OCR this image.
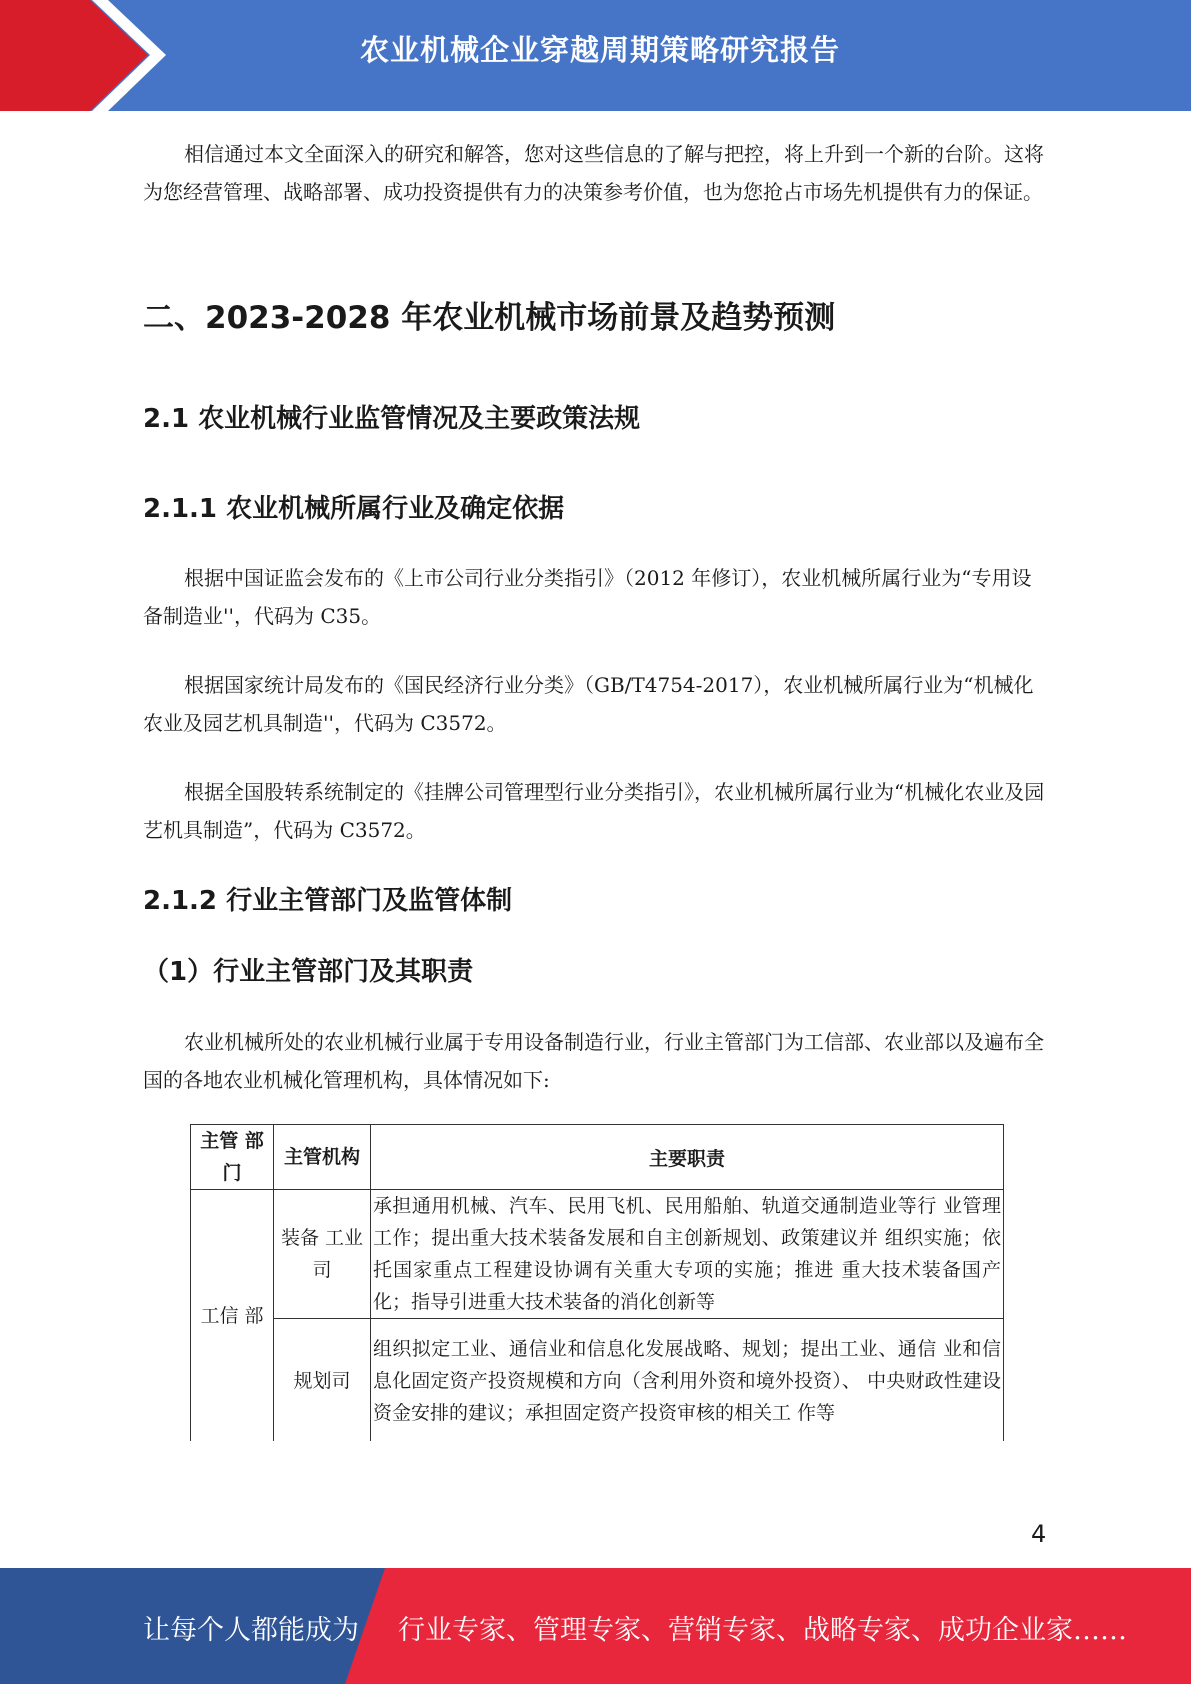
农业机械企业穿越周期策略研究报告

相信通过本文全面深入的研究和解答，您对这些信息的了解与把控，将上升到一个新的台阶。这将为您经营管理、战略部署、成功投资提供有力的决策参考价值，也为您抢占市场先机提供有力的保证。

二、2023-2028 年农业机械市场前景及趋势预测
2.1 农业机械行业监管情况及主要政策法规
2.1.1 农业机械所属行业及确定依据

根据中国证监会发布的《上市公司行业分类指引》（2012 年修订），农业机械所属行业为“专用设备制造业''，代码为 C35。

根据国家统计局发布的《国民经济行业分类》（GB/T4754-2017），农业机械所属行业为“机械化农业及园艺机具制造''，代码为 C3572。

根据全国股转系统制定的《挂牌公司管理型行业分类指引》，农业机械所属行业为“机械化农业及园艺机具制造”，代码为 C3572。

2.1.2 行业主管部门及监管体制
（1）行业主管部门及其职责

农业机械所处的农业机械行业属于专用设备制造行业，行业主管部门为工信部、农业部以及遍布全国的各地农业机械化管理机构，具体情况如下:

主管 部门	主管机构	主要职责
工信 部	装备 工业司	承担通用机械、汽车、民用飞机、民用船舶、轨道交通制造业等行 业管理工作；提出重大技术装备发展和自主创新规划、政策建议并 组织实施；依托国家重点工程建设协调有关重大专项的实施；推进 重大技术装备国产化；指导引进重大技术装备的消化创新等
	规划司	组织拟定工业、通信业和信息化发展战略、规划；提出工业、通信 业和信息化固定资产投资规模和方向（含利用外资和境外投资）、 中央财政性建设资金安排的建议；承担固定资产投资审核的相关工 作等
4
让每个人都能成为 行业专家、管理专家、营销专家、战略专家、成功企业家……
